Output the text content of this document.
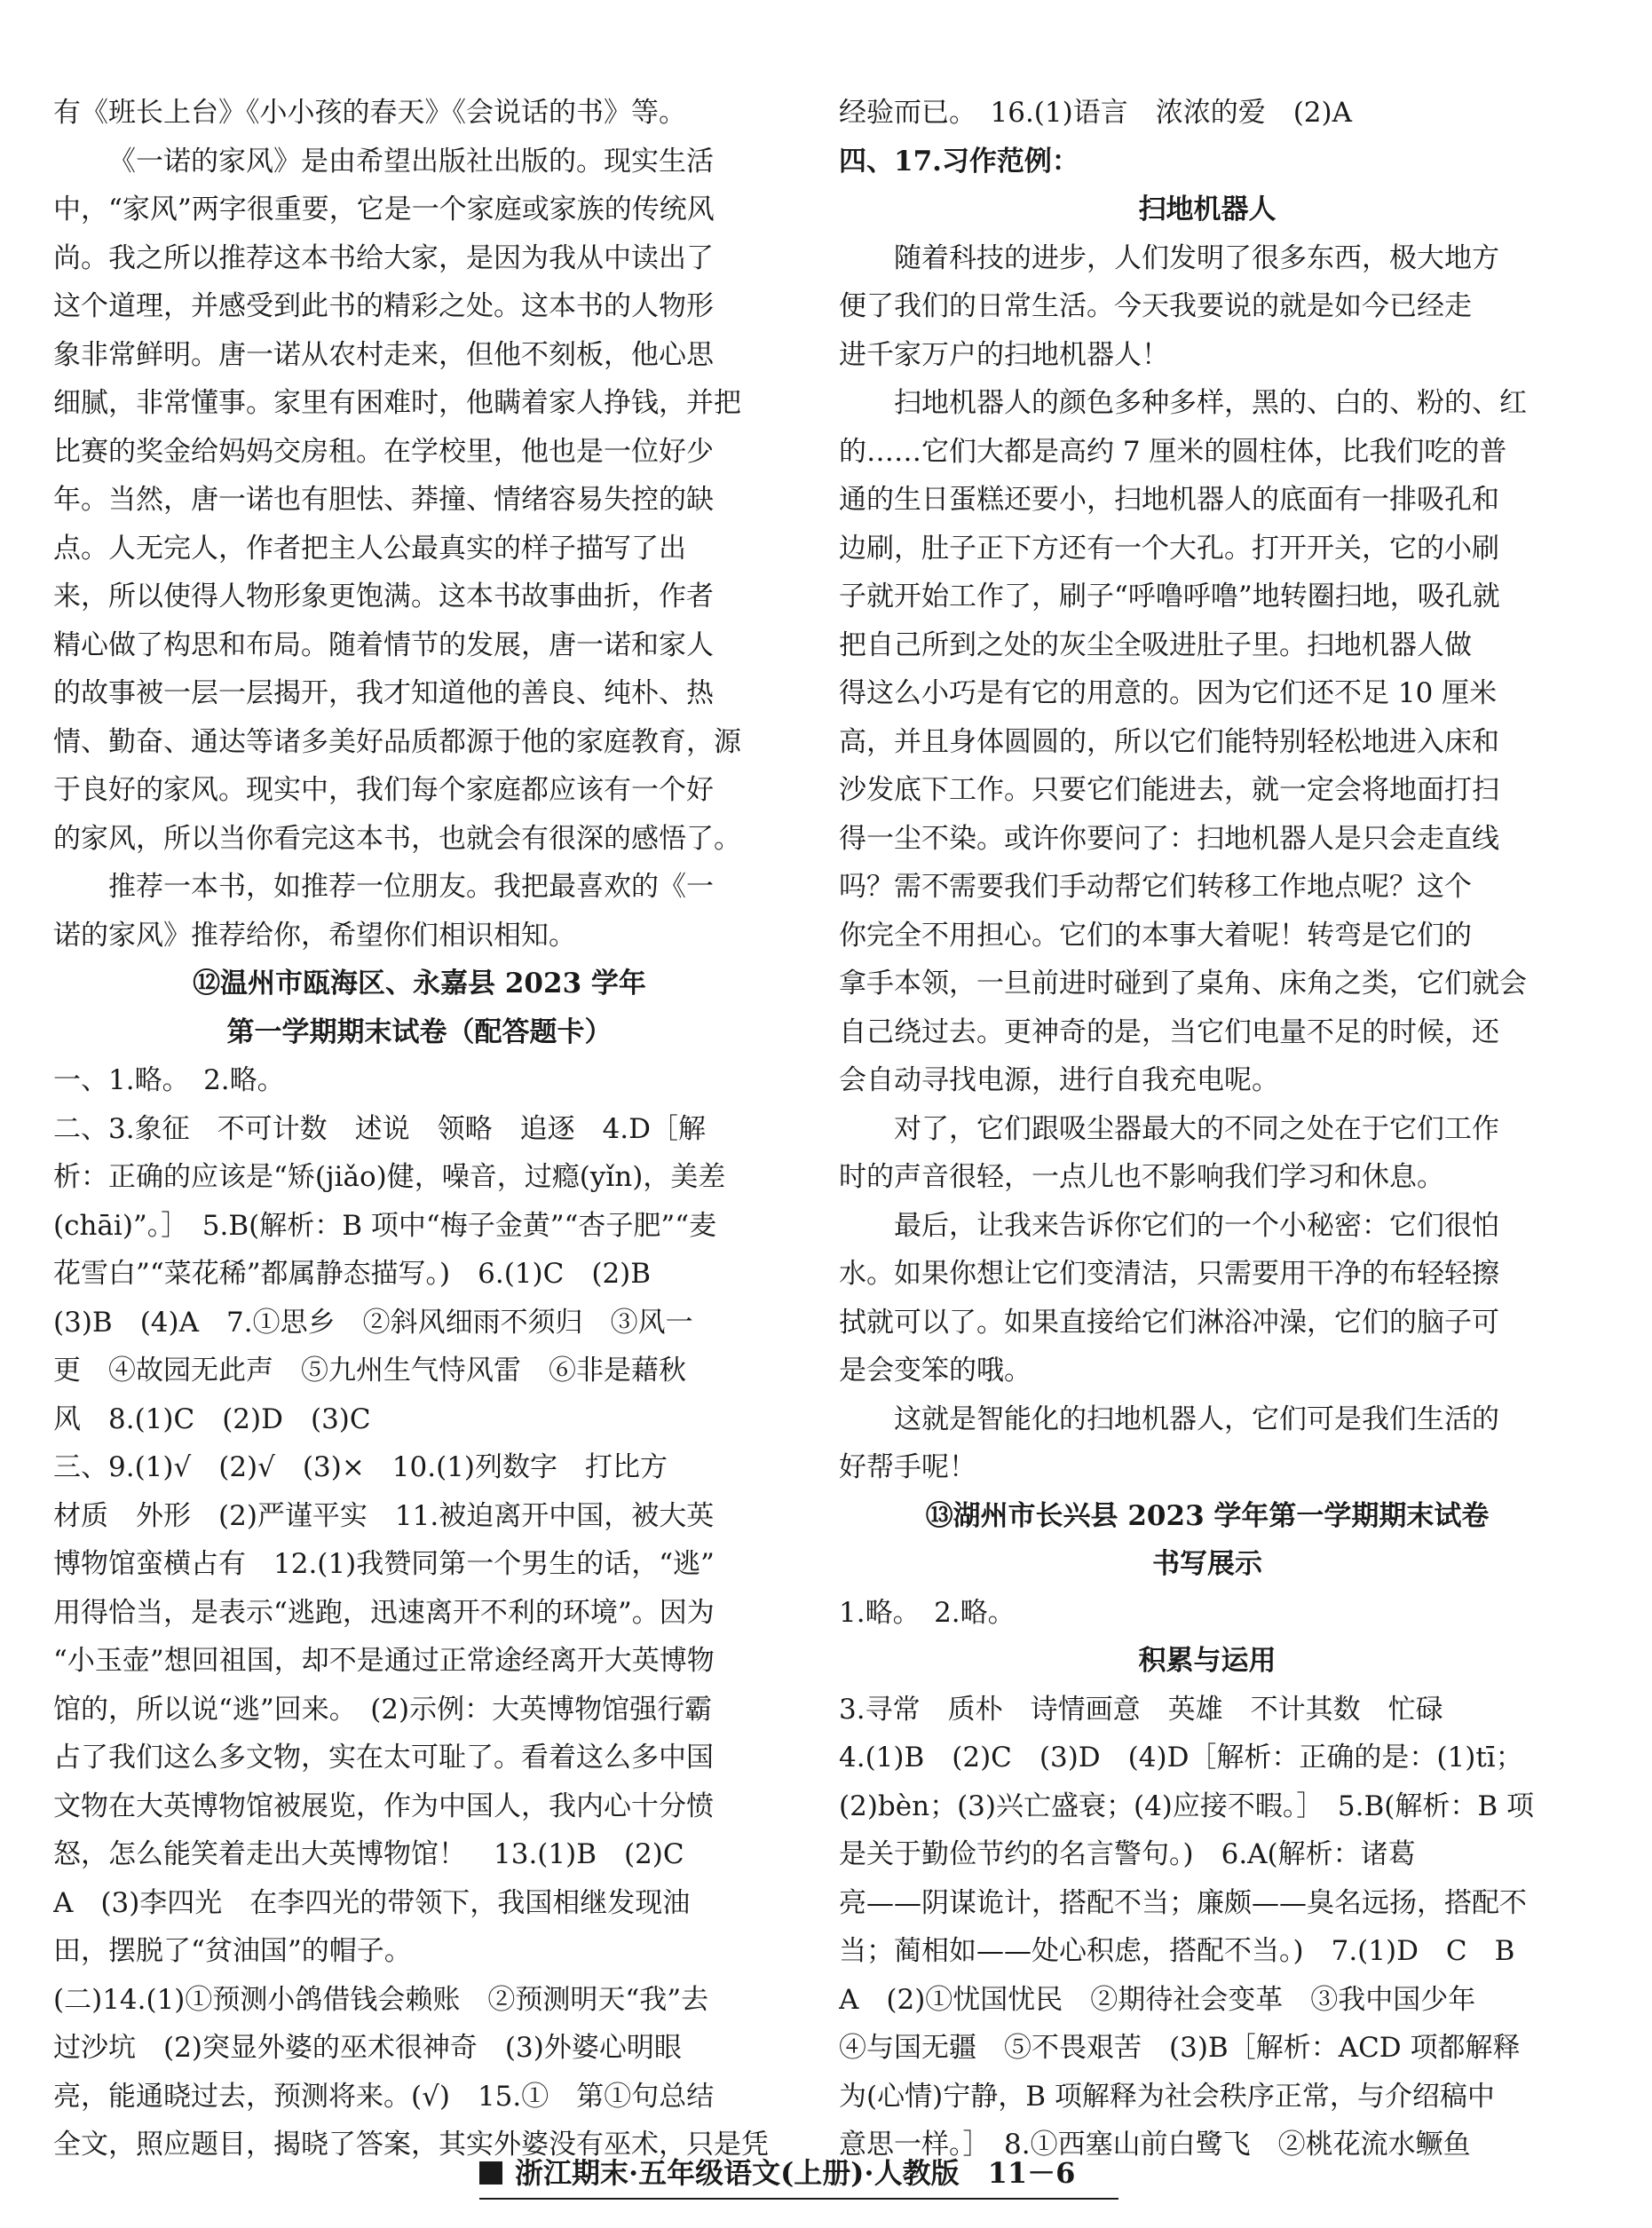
有《班长上台》《小小孩的春天》《会说话的书》等。
《一诺的家风》是由希望出版社出版的。现实生活
中，“家风”两字很重要，它是一个家庭或家族的传统风
尚。我之所以推荐这本书给大家，是因为我从中读出了
这个道理，并感受到此书的精彩之处。这本书的人物形
象非常鲜明。唐一诺从农村走来，但他不刻板，他心思
细腻，非常懂事。家里有困难时，他瞒着家人挣钱，并把
比赛的奖金给妈妈交房租。在学校里，他也是一位好少
年。当然，唐一诺也有胆怯、莽撞、情绪容易失控的缺
点。人无完人，作者把主人公最真实的样子描写了出
来，所以使得人物形象更饱满。这本书故事曲折，作者
精心做了构思和布局。随着情节的发展，唐一诺和家人
的故事被一层一层揭开，我才知道他的善良、纯朴、热
情、勤奋、通达等诸多美好品质都源于他的家庭教育，源
于良好的家风。现实中，我们每个家庭都应该有一个好
的家风，所以当你看完这本书，也就会有很深的感悟了。
推荐一本书，如推荐一位朋友。我把最喜欢的《一
诺的家风》推荐给你，希望你们相识相知。
⑫温州市瓯海区、永嘉县 2023 学年
第一学期期末试卷（配答题卡）
一、1.略。　2.略。
二、3.象征　不可计数　述说　领略　追逐　4.D［解
析：正确的应该是“矫(jiǎo)健，噪音，过瘾(yǐn)，美差
(chāi)”。］　5.B(解析：B 项中“梅子金黄”“杏子肥”“麦
花雪白”“菜花稀”都属静态描写。)　6.(1)C　(2)B
(3)B　(4)A　7.①思乡　②斜风细雨不须归　③风一
更　④故园无此声　⑤九州生气恃风雷　⑥非是藉秋
风　8.(1)C　(2)D　(3)C
三、9.(1)√　(2)√　(3)×　10.(1)列数字　打比方
材质　外形　(2)严谨平实　11.被迫离开中国，被大英
博物馆蛮横占有　12.(1)我赞同第一个男生的话，“逃”
用得恰当，是表示“逃跑，迅速离开不利的环境”。因为
“小玉壶”想回祖国，却不是通过正常途经离开大英博物
馆的，所以说“逃”回来。　(2)示例：大英博物馆强行霸
占了我们这么多文物，实在太可耻了。看着这么多中国
文物在大英博物馆被展览，作为中国人，我内心十分愤
怒，怎么能笑着走出大英博物馆！　13.(1)B　(2)C
A　(3)李四光　在李四光的带领下，我国相继发现油
田，摆脱了“贫油国”的帽子。
(二)14.(1)①预测小鸽借钱会赖账　②预测明天“我”去
过沙坑　(2)突显外婆的巫术很神奇　(3)外婆心明眼
亮，能通晓过去，预测将来。(√)　15.①　第①句总结
全文，照应题目，揭晓了答案，其实外婆没有巫术，只是凭
经验而已。　16.(1)语言　浓浓的爱　(2)A
四、17.习作范例：
扫地机器人
随着科技的进步，人们发明了很多东西，极大地方
便了我们的日常生活。今天我要说的就是如今已经走
进千家万户的扫地机器人！
扫地机器人的颜色多种多样，黑的、白的、粉的、红
的……它们大都是高约 7 厘米的圆柱体，比我们吃的普
通的生日蛋糕还要小，扫地机器人的底面有一排吸孔和
边刷，肚子正下方还有一个大孔。打开开关，它的小刷
子就开始工作了，刷子“呼噜呼噜”地转圈扫地，吸孔就
把自己所到之处的灰尘全吸进肚子里。扫地机器人做
得这么小巧是有它的用意的。因为它们还不足 10 厘米
高，并且身体圆圆的，所以它们能特别轻松地进入床和
沙发底下工作。只要它们能进去，就一定会将地面打扫
得一尘不染。或许你要问了：扫地机器人是只会走直线
吗？需不需要我们手动帮它们转移工作地点呢？这个
你完全不用担心。它们的本事大着呢！转弯是它们的
拿手本领，一旦前进时碰到了桌角、床角之类，它们就会
自己绕过去。更神奇的是，当它们电量不足的时候，还
会自动寻找电源，进行自我充电呢。
对了，它们跟吸尘器最大的不同之处在于它们工作
时的声音很轻，一点儿也不影响我们学习和休息。
最后，让我来告诉你它们的一个小秘密：它们很怕
水。如果你想让它们变清洁，只需要用干净的布轻轻擦
拭就可以了。如果直接给它们淋浴冲澡，它们的脑子可
是会变笨的哦。
这就是智能化的扫地机器人，它们可是我们生活的
好帮手呢！
⑬湖州市长兴县 2023 学年第一学期期末试卷
书写展示
1.略。　2.略。
积累与运用
3.寻常　质朴　诗情画意　英雄　不计其数　忙碌
4.(1)B　(2)C　(3)D　(4)D［解析：正确的是：(1)tī；
(2)bèn；(3)兴亡盛衰；(4)应接不暇。］　5.B(解析：B 项
是关于勤俭节约的名言警句。)　6.A(解析：诸葛
亮——阴谋诡计，搭配不当；廉颇——臭名远扬，搭配不
当；蔺相如——处心积虑，搭配不当。)　7.(1)D　C　B
A　(2)①忧国忧民　②期待社会变革　③我中国少年
④与国无疆　⑤不畏艰苦　(3)B［解析：ACD 项都解释
为(心情)宁静，B 项解释为社会秩序正常，与介绍稿中
意思一样。］　8.①西塞山前白鹭飞　②桃花流水鳜鱼
浙江期末·五年级语文(上册)·人教版　11－6
